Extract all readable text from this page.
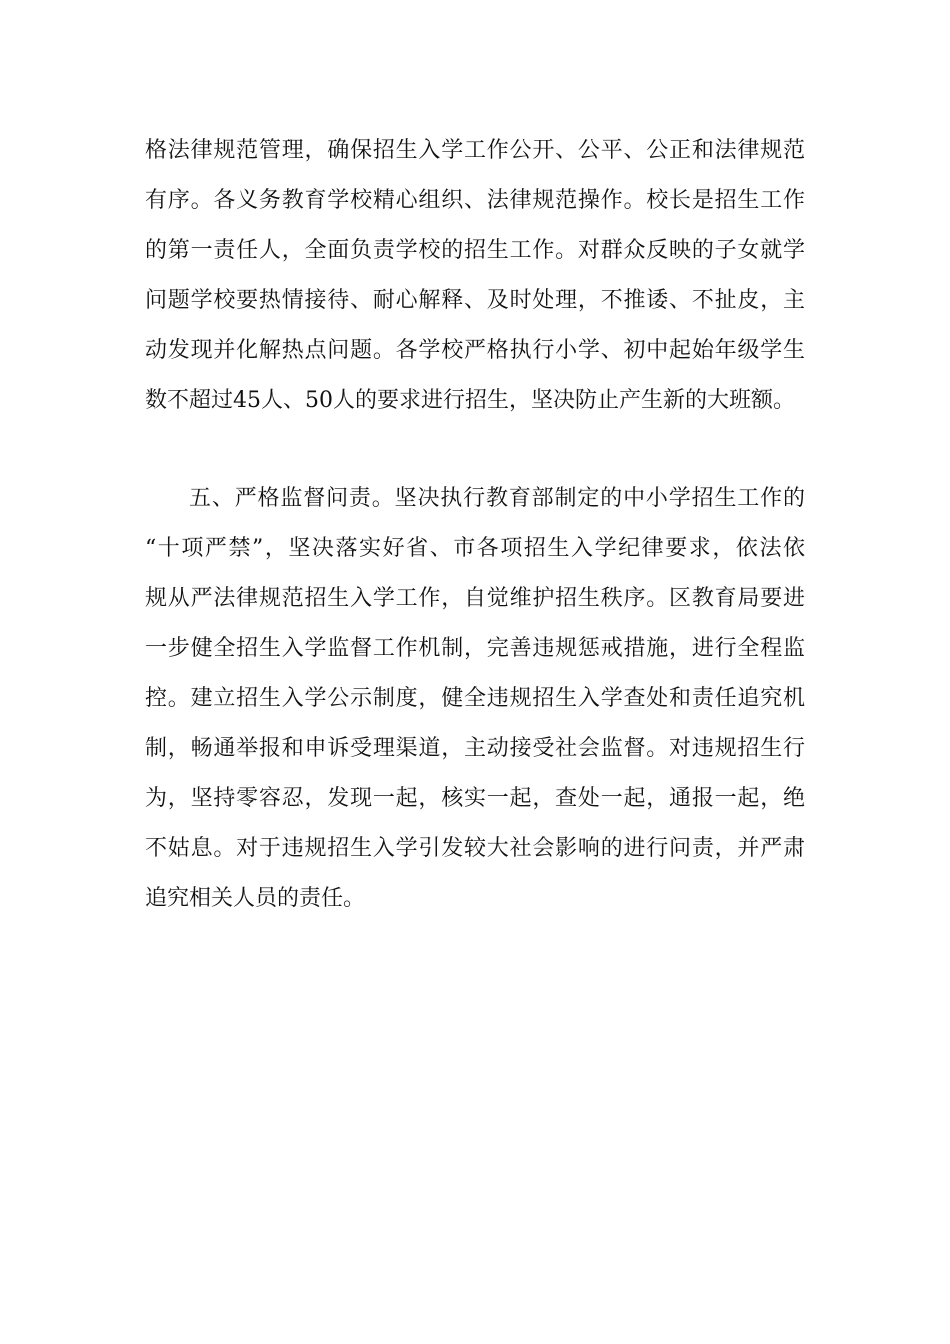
格法律规范管理，确保招生入学工作公开、公平、公正和法律规范
有序。各义务教育学校精心组织、法律规范操作。校长是招生工作
的第一责任人，全面负责学校的招生工作。对群众反映的子女就学
问题学校要热情接待、耐心解释、及时处理，不推诿、不扯皮，主
动发现并化解热点问题。各学校严格执行小学、初中起始年级学生
数不超过45人、50人的要求进行招生，坚决防止产生新的大班额。
五、严格监督问责。坚决执行教育部制定的中小学招生工作的
“十项严禁”，坚决落实好省、市各项招生入学纪律要求，依法依
规从严法律规范招生入学工作，自觉维护招生秩序。区教育局要进
一步健全招生入学监督工作机制，完善违规惩戒措施，进行全程监
控。建立招生入学公示制度，健全违规招生入学查处和责任追究机
制，畅通举报和申诉受理渠道，主动接受社会监督。对违规招生行
为，坚持零容忍，发现一起，核实一起，查处一起，通报一起，绝
不姑息。对于违规招生入学引发较大社会影响的进行问责，并严肃
追究相关人员的责任。
